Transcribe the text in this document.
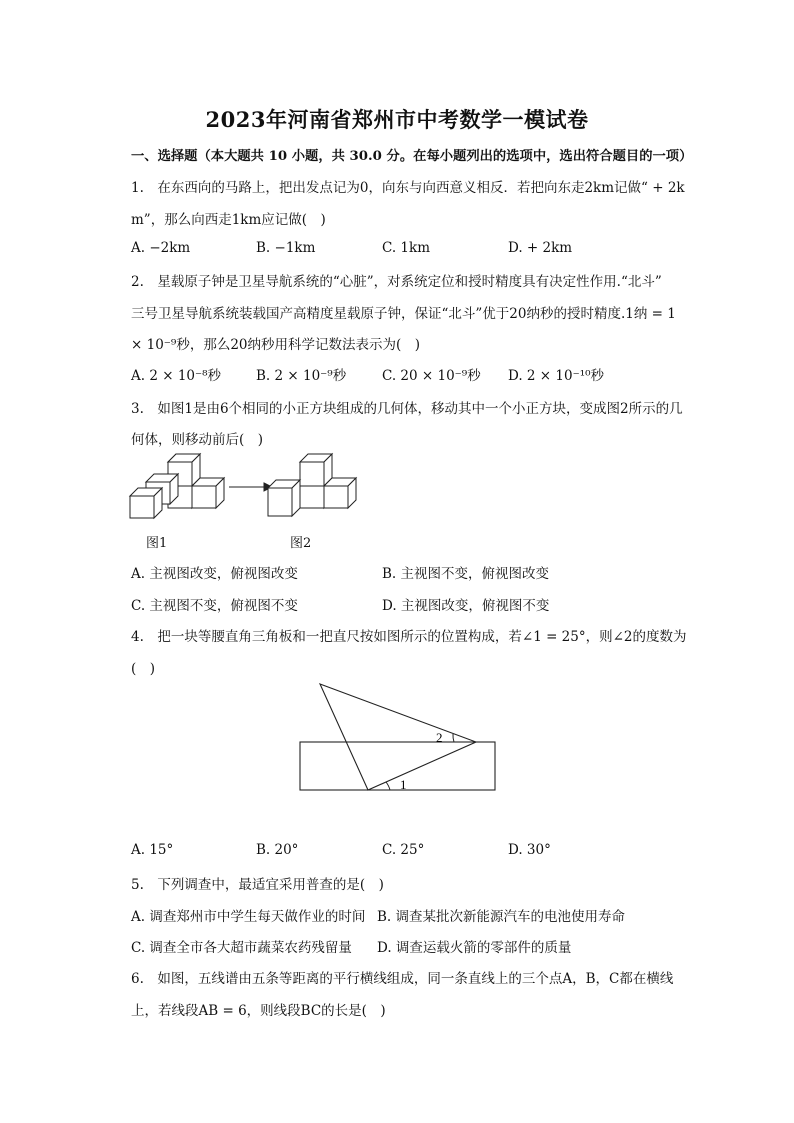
2023年河南省郑州市中考数学一模试卷
一、选择题（本大题共 10 小题，共 30.0 分。在每小题列出的选项中，选出符合题目的一项）
1.　在东西向的马路上，把出发点记为0，向东与向西意义相反．若把向东走2km记做“ + 2k
m”，那么向西走1km应记做(　)
A. −2km	B. −1km	C. 1km	D. + 2km
2.　星载原子钟是卫星导航系统的“心脏”，对系统定位和授时精度具有决定性作用.“北斗”
三号卫星导航系统装载国产高精度星载原子钟，保证“北斗”优于20纳秒的授时精度.1纳 = 1
× 10⁻⁹秒，那么20纳秒用科学记数法表示为(　)
A. 2 × 10⁻⁸秒	B. 2 × 10⁻⁹秒	C. 20 × 10⁻⁹秒 D. 2 × 10⁻¹⁰秒
3.　如图1是由6个相同的小正方块组成的几何体，移动其中一个小正方块，变成图2所示的几
何体，则移动前后(　)
图1	图2
A. 主视图改变，俯视图改变	B. 主视图不变，俯视图改变
C. 主视图不变，俯视图不变	D. 主视图改变，俯视图不变
4.　把一块等腰直角三角板和一把直尺按如图所示的位置构成，若∠1 = 25°，则∠2的度数为
(　)
2
1
A. 15°	B. 20°	C. 25°	D. 30°
5.　下列调查中，最适宜采用普查的是(　)
A. 调查郑州市中学生每天做作业的时间 B. 调查某批次新能源汽车的电池使用寿命
C. 调查全市各大超市蔬菜农药残留量 D. 调查运载火箭的零部件的质量
6.　如图，五线谱由五条等距离的平行横线组成，同一条直线上的三个点A，B，C都在横线
上，若线段AB = 6，则线段BC的长是(　)
